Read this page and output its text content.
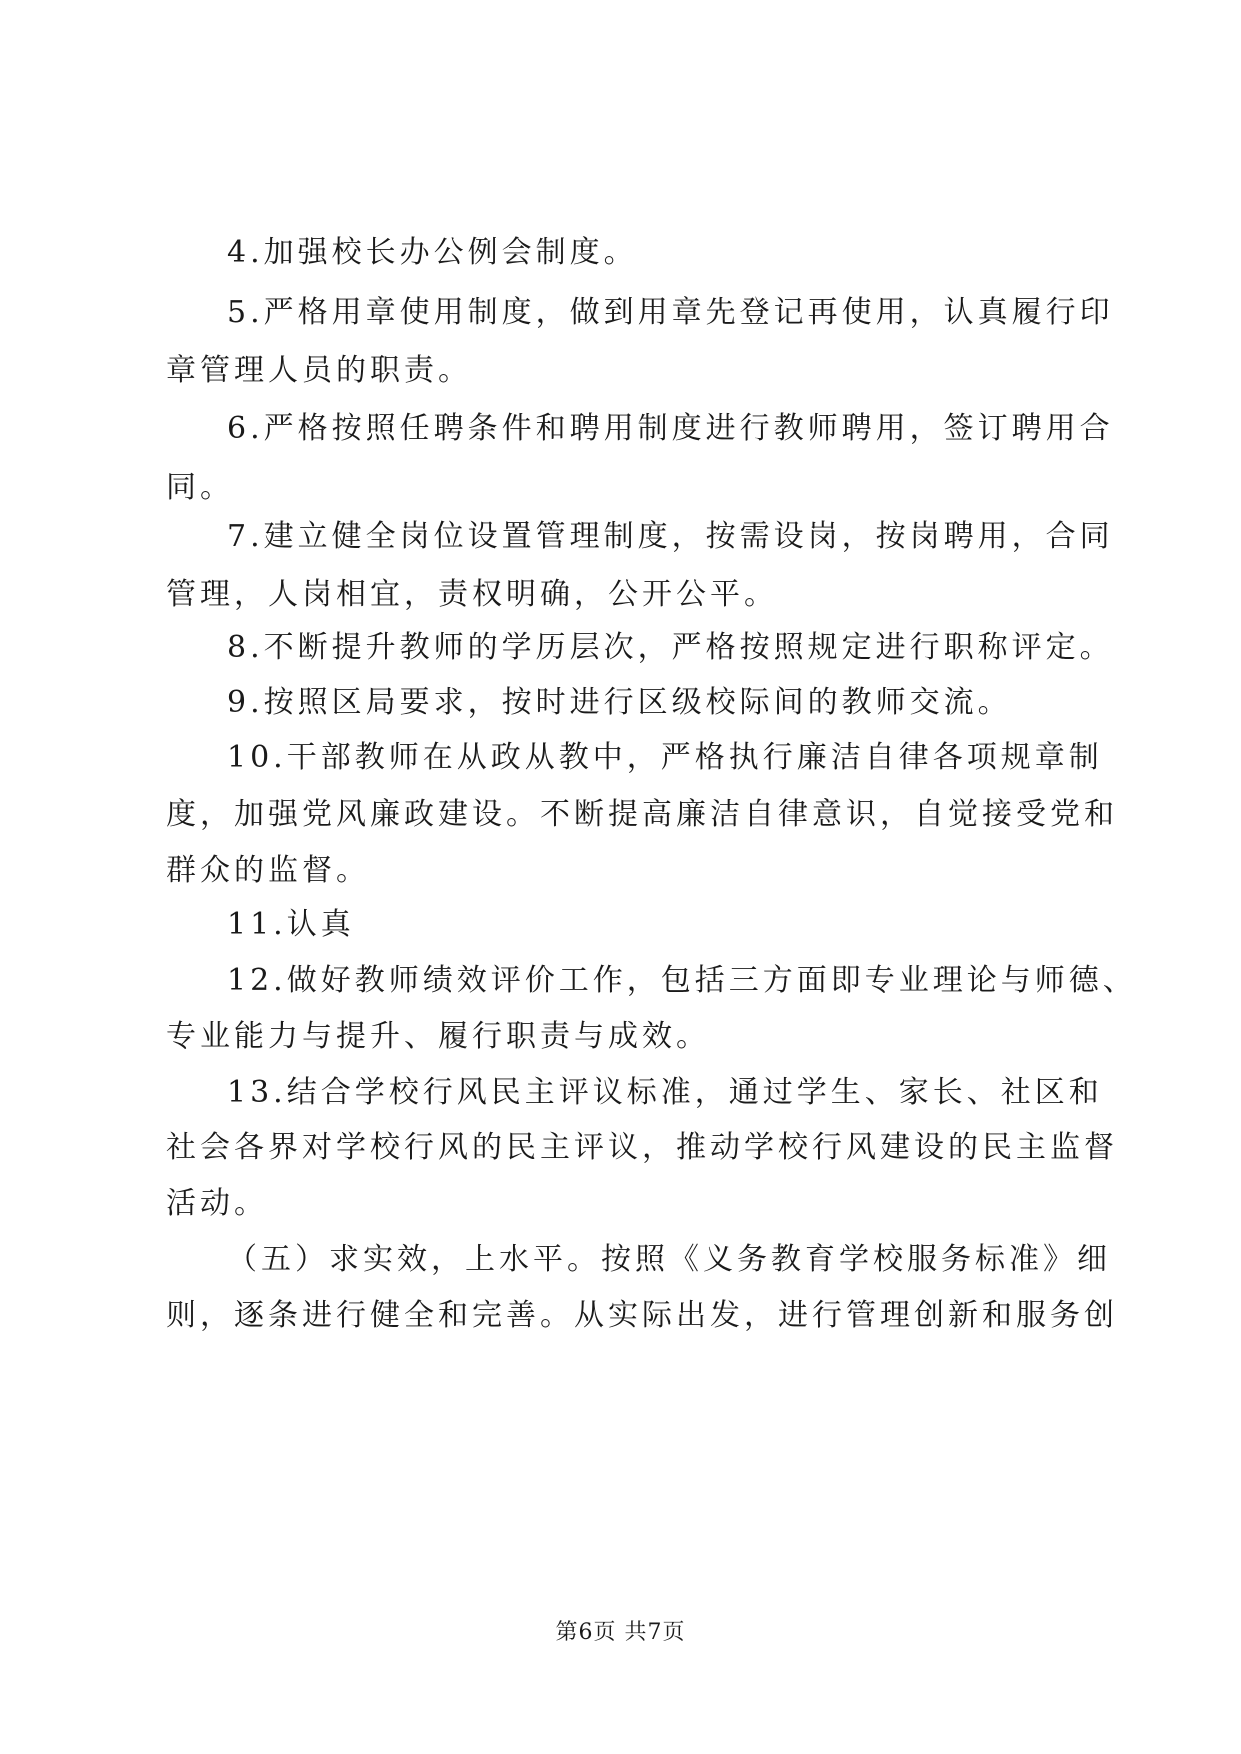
4.加强校长办公例会制度。
5.严格用章使用制度，做到用章先登记再使用，认真履行印
章管理人员的职责。
6.严格按照任聘条件和聘用制度进行教师聘用，签订聘用合
同。
7.建立健全岗位设置管理制度，按需设岗，按岗聘用，合同
管理，人岗相宜，责权明确，公开公平。
8.不断提升教师的学历层次，严格按照规定进行职称评定。
9.按照区局要求，按时进行区级校际间的教师交流。
10.干部教师在从政从教中，严格执行廉洁自律各项规章制
度，加强党风廉政建设。不断提高廉洁自律意识，自觉接受党和
群众的监督。
11.认真
12.做好教师绩效评价工作，包括三方面即专业理论与师德、
专业能力与提升、履行职责与成效。
13.结合学校行风民主评议标准，通过学生、家长、社区和
社会各界对学校行风的民主评议，推动学校行风建设的民主监督
活动。
（五）求实效，上水平。按照《义务教育学校服务标准》细
则，逐条进行健全和完善。从实际出发，进行管理创新和服务创
第6页 共7页
